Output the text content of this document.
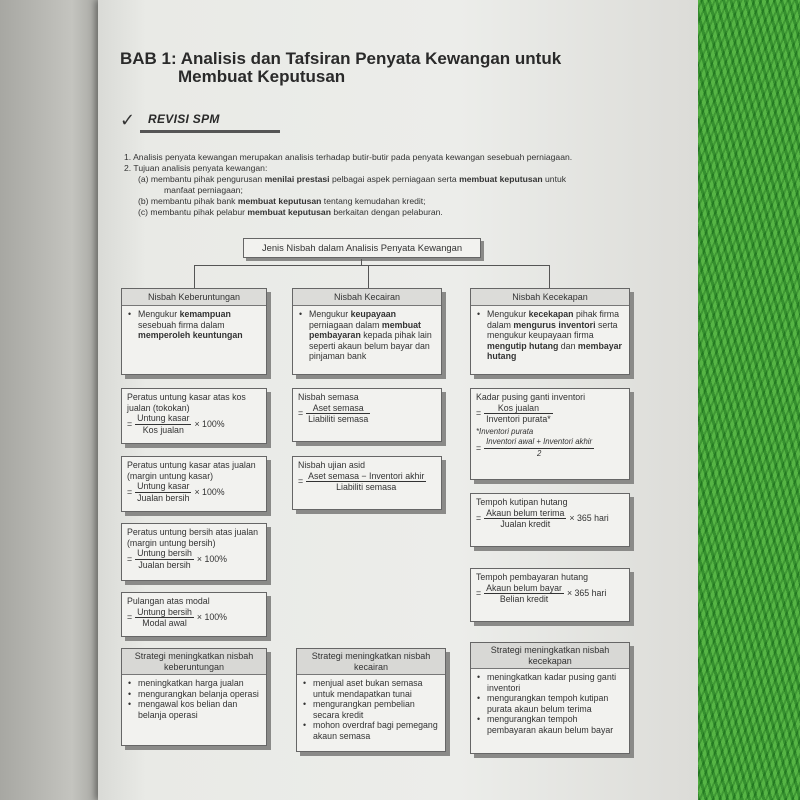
BAB 1: Analisis dan Tafsiran Penyata Kewangan untuk
Membuat Keputusan
✓ REVISI SPM
1. Analisis penyata kewangan merupakan analisis terhadap butir-butir pada penyata kewangan sesebuah perniagaan.
2. Tujuan analisis penyata kewangan:
(a) membantu pihak pengurusan menilai prestasi pelbagai aspek perniagaan serta membuat keputusan untuk
manfaat perniagaan;
(b) membantu pihak bank membuat keputusan tentang kemudahan kredit;
(c) membantu pihak pelabur membuat keputusan berkaitan dengan pelaburan.
Jenis Nisbah dalam Analisis Penyata Kewangan
Nisbah Keberuntungan
• Mengukur kemampuan sesebuah firma dalam memperoleh keuntungan
Peratus untung kasar atas kos jualan (tokokan)
= $\frac{\text{Untung kasar}}{\text{Kos jualan}} \times 100\%$
Peratus untung kasar atas jualan (margin untung kasar)
= $\frac{\text{Untung kasar}}{\text{Jualan bersih}} \times 100\%$
Peratus untung bersih atas jualan (margin untung bersih)
= $\frac{\text{Untung bersih}}{\text{Jualan bersih}} \times 100\%$
Pulangan atas modal
= $\frac{\text{Untung bersih}}{\text{Modal awal}} \times 100\%$
Strategi meningkatkan nisbah keberuntungan
• meningkatkan harga jualan
• mengurangkan belanja operasi
• mengawal kos belian dan belanja operasi
Nisbah Kecairan
• Mengukur keupayaan perniagaan dalam membuat pembayaran kepada pihak lain seperti akaun belum bayar dan pinjaman bank
Nisbah semasa
= $\frac{\text{Aset semasa}}{\text{Liabiliti semasa}}$
Nisbah ujian asid
= $\frac{\text{Aset semasa − Inventori akhir}}{\text{Liabiliti semasa}}$
Strategi meningkatkan nisbah kecairan
• menjual aset bukan semasa untuk mendapatkan tunai
• mengurangkan pembelian secara kredit
• mohon overdraf bagi pemegang akaun semasa
Nisbah Kecekapan
• Mengukur kecekapan pihak firma dalam mengurus inventori serta mengukur keupayaan firma mengutip hutang dan membayar hutang
Kadar pusing ganti inventori
= $\frac{\text{Kos jualan}}{\text{Inventori purata*}}$
*Inventori purata
= $\frac{\text{Inventori awal + Inventori akhir}}{2}$
Tempoh kutipan hutang
= $\frac{\text{Akaun belum terima}}{\text{Jualan kredit}} \times 365$ hari
Tempoh pembayaran hutang
= $\frac{\text{Akaun belum bayar}}{\text{Belian kredit}} \times 365$ hari
Strategi meningkatkan nisbah kecekapan
• meningkatkan kadar pusing ganti inventori
• mengurangkan tempoh kutipan purata akaun belum terima
• mengurangkan tempoh pembayaran akaun belum bayar
